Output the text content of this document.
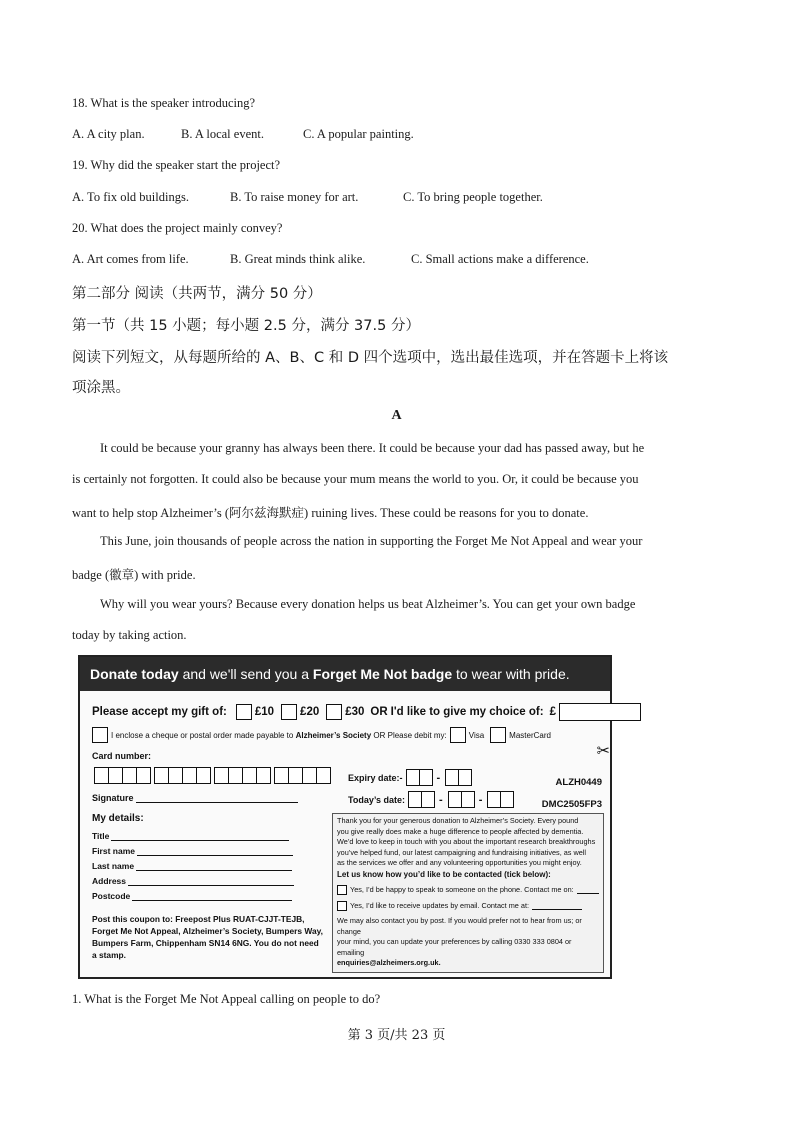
18. What is the speaker introducing?
A. A city plan.	B. A local event.	C. A popular painting.
19. Why did the speaker start the project?
A. To fix old buildings.	B. To raise money for art.	C. To bring people together.
20. What does the project mainly convey?
A. Art comes from life.	B. Great minds think alike.	C. Small actions make a difference.
第二部分 阅读（共两节，满分 50 分）
第一节（共 15 小题；每小题 2.5 分，满分 37.5 分）
阅读下列短文，从每题所给的 A、B、C 和 D 四个选项中，选出最佳选项，并在答题卡上将该
项涂黑。
A
It could be because your granny has always been there. It could be because your dad has passed away, but he
is certainly not forgotten. It could also be because your mum means the world to you. Or, it could be because you
want to help stop Alzheimer’s (阿尔兹海默症) ruining lives. These could be reasons for you to donate.
This June, join thousands of people across the nation in supporting the Forget Me Not Appeal and wear your
badge (徽章) with pride.
Why will you wear yours? Because every donation helps us beat Alzheimer’s. You can get your own badge
today by taking action.
Donate today and we'll send you a Forget Me Not badge to wear with pride.
Please accept my gift of: £10 £20 £30 OR I'd like to give my choice of: £
I enclose a cheque or postal order made payable to Alzheimer’s Society OR Please debit my:	Visa	MasterCard
✂
Card number:
Expiry date:-	-	ALZH0449
Signature	Today’s date:	-	-	DMC2505FP3
My details:
Title
First name
Last name
Address
Postcode
Post this coupon to: Freepost Plus RUAT-CJJT-TEJB,
Forget Me Not Appeal, Alzheimer’s Society, Bumpers Way,
Bumpers Farm, Chippenham SN14 6NG. You do not need
a stamp.
Thank you for your generous donation to Alzheimer’s Society. Every pound
you give really does make a huge difference to people affected by dementia.
We’d love to keep in touch with you about the important research breakthroughs
you’ve helped fund, our latest campaigning and fundraising initiatives, as well
as the services we offer and any volunteering opportunities you might enjoy.
Let us know how you’d like to be contacted (tick below):
Yes, I’d be happy to speak to someone on the phone. Contact me on:
Yes, I’d like to receive updates by email. Contact me at:
We may also contact you by post. If you would prefer not to hear from us; or change
your mind, you can update your preferences by calling 0330 333 0804 or emailing
enquiries@alzheimers.org.uk.
1. What is the Forget Me Not Appeal calling on people to do?
第 3 页/共 23 页
